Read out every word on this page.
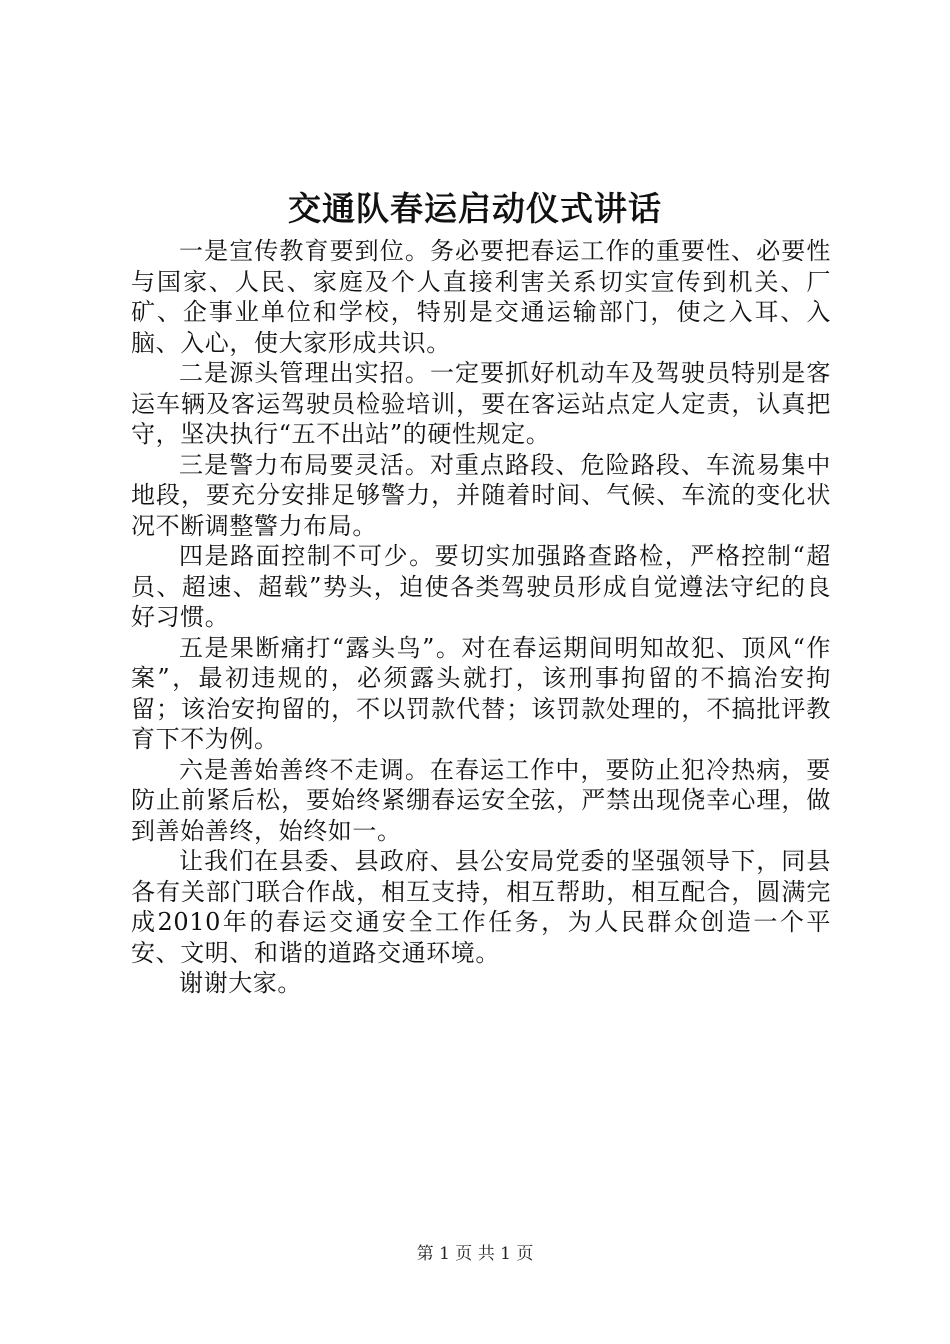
交通队春运启动仪式讲话

一是宣传教育要到位。务必要把春运工作的重要性、必要性与国家、人民、家庭及个人直接利害关系切实宣传到机关、厂矿、企事业单位和学校，特别是交通运输部门，使之入耳、入脑、入心，使大家形成共识。

二是源头管理出实招。一定要抓好机动车及驾驶员特别是客运车辆及客运驾驶员检验培训，要在客运站点定人定责，认真把守，坚决执行“五不出站”的硬性规定。

三是警力布局要灵活。对重点路段、危险路段、车流易集中地段，要充分安排足够警力，并随着时间、气候、车流的变化状况不断调整警力布局。

四是路面控制不可少。要切实加强路查路检，严格控制“超员、超速、超载”势头，迫使各类驾驶员形成自觉遵法守纪的良好习惯。

五是果断痛打“露头鸟”。对在春运期间明知故犯、顶风“作案”，最初违规的，必须露头就打，该刑事拘留的不搞治安拘留；该治安拘留的，不以罚款代替；该罚款处理的，不搞批评教育下不为例。

六是善始善终不走调。在春运工作中，要防止犯冷热病，要防止前紧后松，要始终紧绷春运安全弦，严禁出现侥幸心理，做到善始善终，始终如一。

让我们在县委、县政府、县公安局党委的坚强领导下，同县各有关部门联合作战，相互支持，相互帮助，相互配合，圆满完成2010年的春运交通安全工作任务，为人民群众创造一个平安、文明、和谐的道路交通环境。

谢谢大家。

第 1 页 共 1 页
